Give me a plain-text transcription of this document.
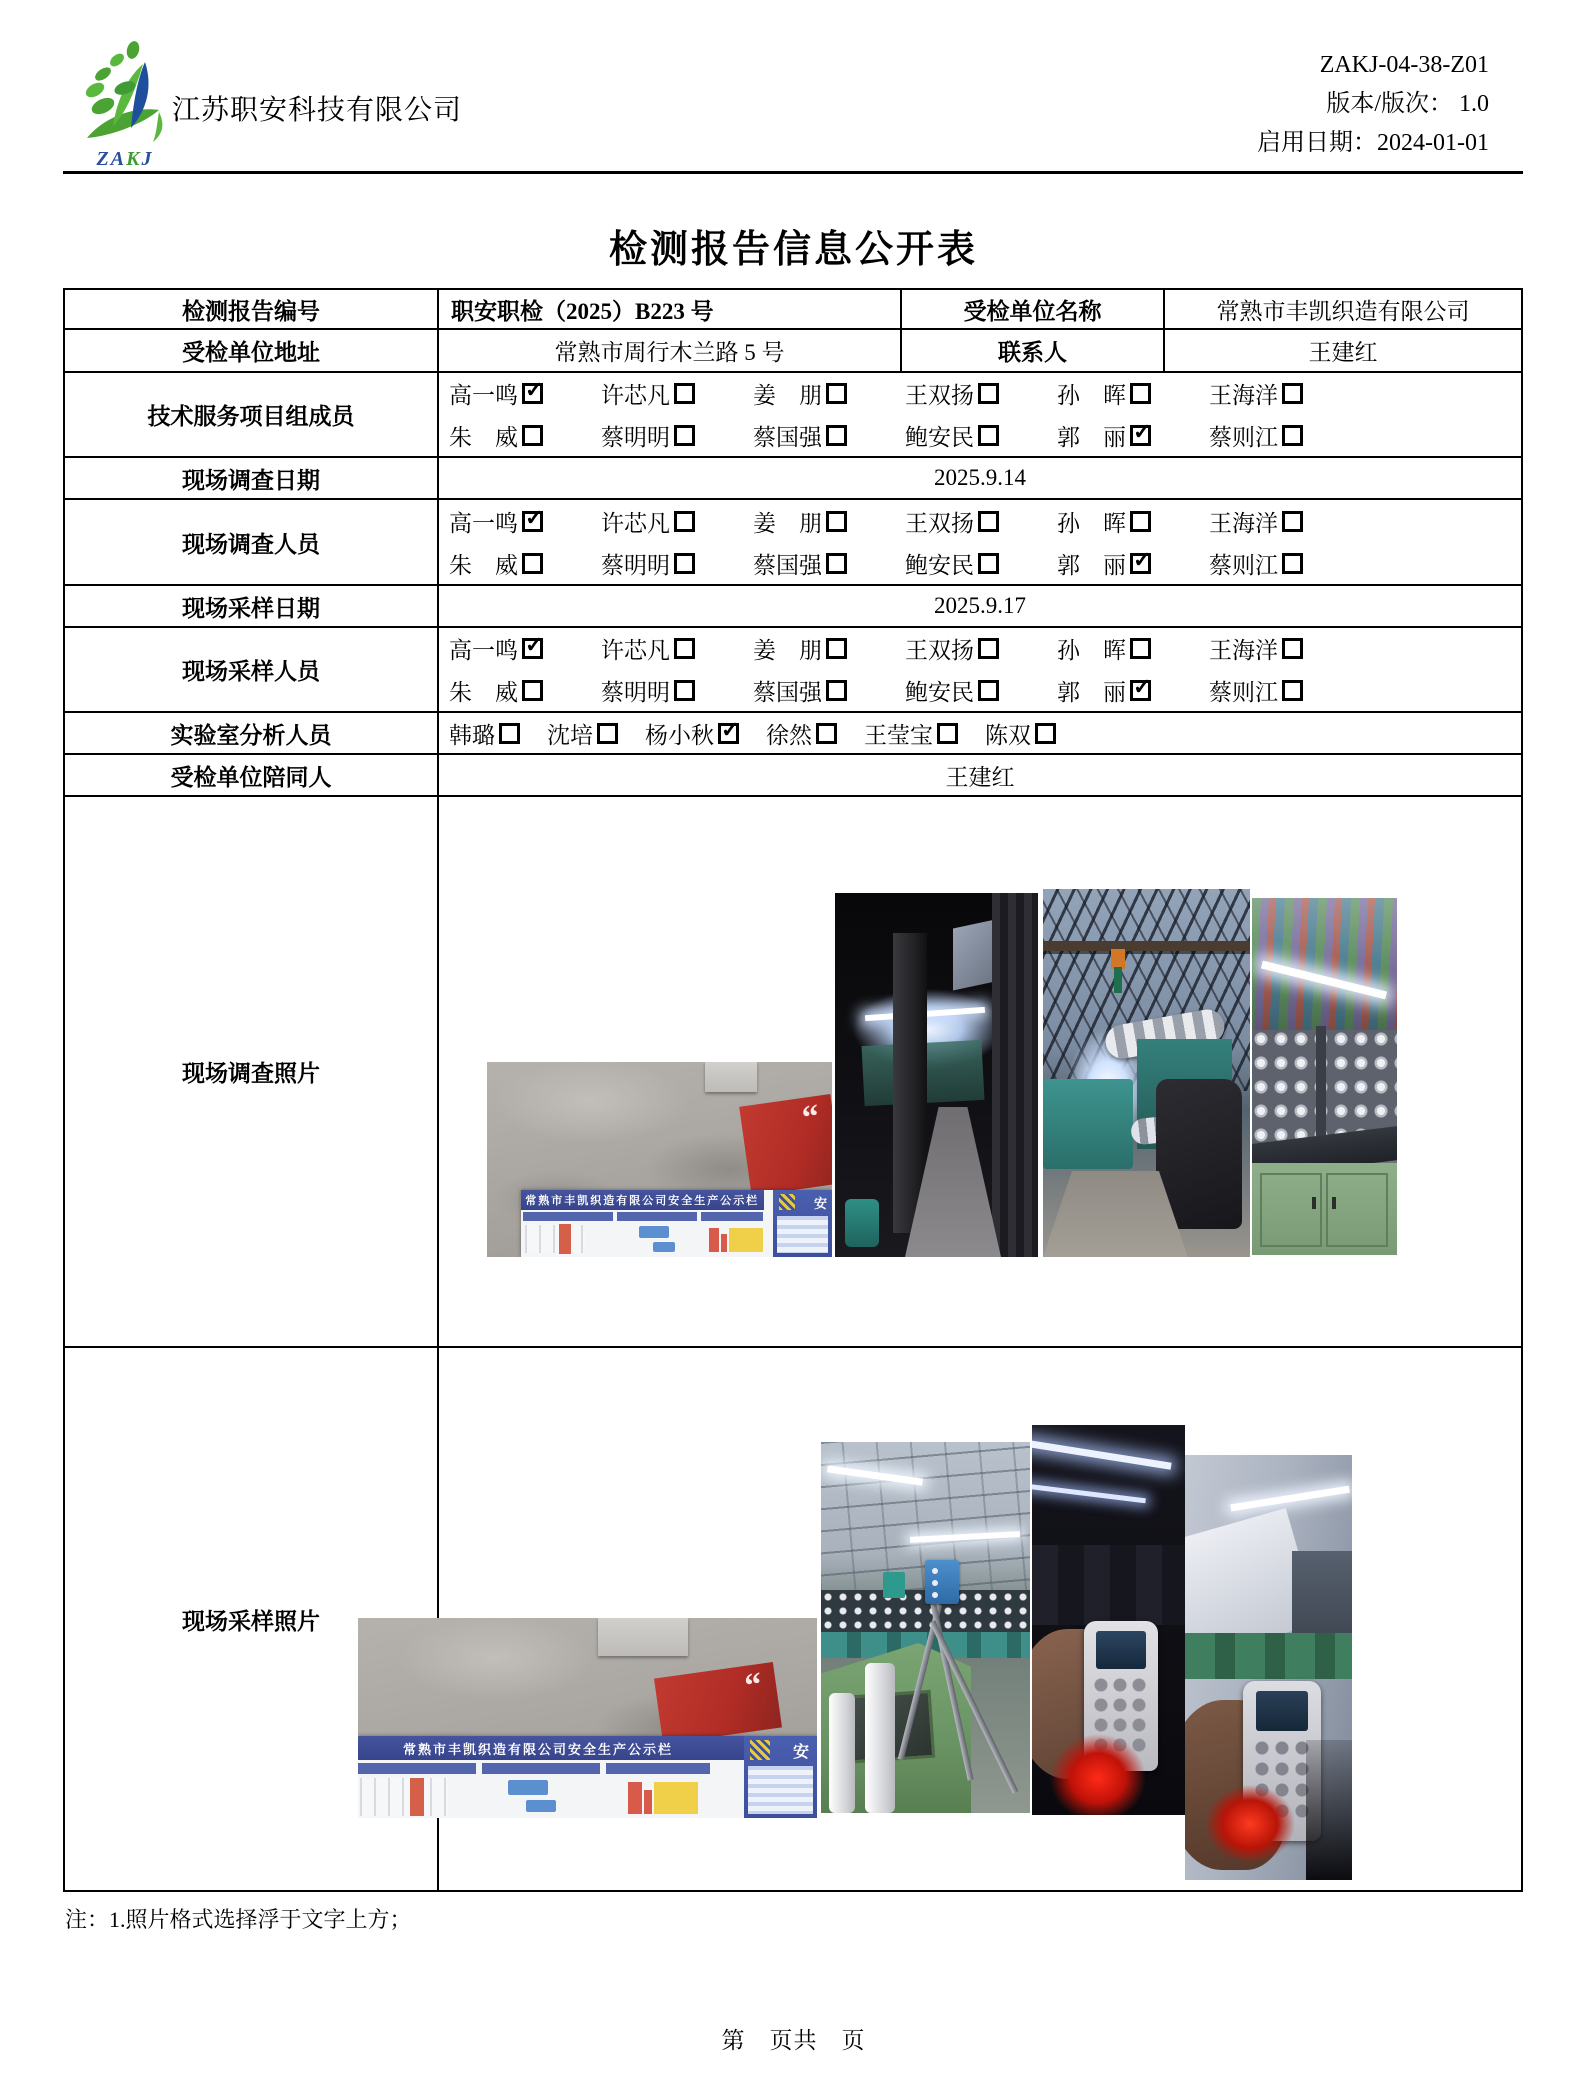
ZAKJ
江苏职安科技有限公司
ZAKJ-04-38-Z01
版本/版次： 1.0
启用日期：2024-01-01
检测报告信息公开表
检测报告编号	职安职检（2025）B223 号	受检单位名称	常熟市丰凯织造有限公司
受检单位地址	常熟市周行木兰路 5 号	联系人	王建红
技术服务项目组成员
高一鸣 ✓	许芯凡	姜　朋	王双扬	孙　晖	王海洋
朱　威	蔡明明	蔡国强	鲍安民	郭　丽 ✓	蔡则江
现场调查日期	2025.9.14
现场调查人员
高一鸣 ✓	许芯凡	姜　朋	王双扬	孙　晖	王海洋
朱　威	蔡明明	蔡国强	鲍安民	郭　丽 ✓	蔡则江
现场采样日期	2025.9.17
现场采样人员
高一鸣 ✓	许芯凡	姜　朋	王双扬	孙　晖	王海洋
朱　威	蔡明明	蔡国强	鲍安民	郭　丽 ✓	蔡则江
实验室分析人员	韩璐 沈培 杨小秋 ✓ 徐然 王莹宝 陈双
受检单位陪同人	王建红
现场调查照片
现场采样照片
“
常熟市丰凯织造有限公司安全生产公示栏	安
“
常熟市丰凯织造有限公司安全生产公示栏	安
注：1.照片格式选择浮于文字上方；
第　页共　页
